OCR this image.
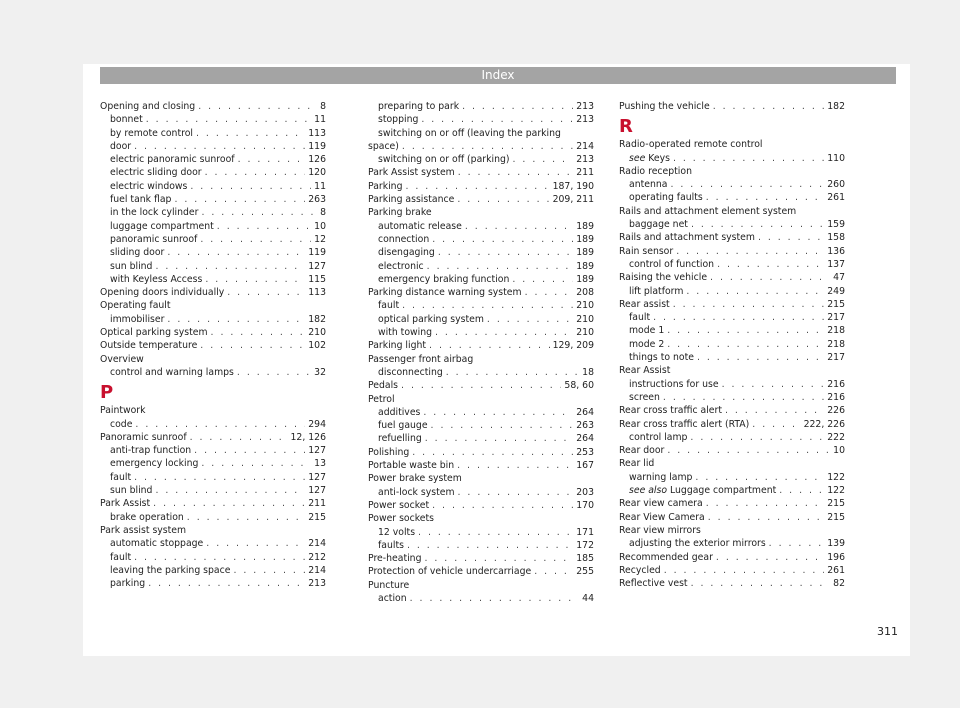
Index
Opening and closing . . .	8
bonnet . . .	11
by remote control . . .	113
door . . .	119
electric panoramic sunroof . . .	126
electric sliding door . . .	120
electric windows . . .	11
fuel tank flap . . .	263
in the lock cylinder . . .	8
luggage compartment . . .	10
panoramic sunroof . . .	12
sliding door . . .	119
sun blind . . .	127
with Keyless Access . . .	115
Opening doors individually . . .	113
Operating fault
immobiliser . . .	182
Optical parking system . . .	210
Outside temperature . . .	102
Overview
control and warning lamps . . .	32
P
Paintwork
code . . .	294
Panoramic sunroof . . .	12, 126
anti-trap function . . .	127
emergency locking . . .	13
fault . . .	127
sun blind . . .	127
Park Assist . . .	211
brake operation . . .	215
Park assist system
automatic stoppage . . .	214
fault . . .	212
leaving the parking space . . .	214
parking . . .	213
preparing to park . . .	213
stopping . . .	213
switching on or off (leaving the parking
space) . . .	214
switching on or off (parking) . . .	213
Park Assist system . . .	211
Parking . . .	187, 190
Parking assistance . . .	209, 211
Parking brake
automatic release . . .	189
connection . . .	189
disengaging . . .	189
electronic . . .	189
emergency braking function . . .	189
Parking distance warning system . . .	208
fault . . .	210
optical parking system . . .	210
with towing . . .	210
Parking light . . .	129, 209
Passenger front airbag
disconnecting . . .	18
Pedals . . .	58, 60
Petrol
additives . . .	264
fuel gauge . . .	263
refuelling . . .	264
Polishing . . .	253
Portable waste bin . . .	167
Power brake system
anti-lock system . . .	203
Power socket . . .	170
Power sockets
12 volts . . .	171
faults . . .	172
Pre-heating . . .	185
Protection of vehicle undercarriage . . .	255
Puncture
action . . .	44
Pushing the vehicle . . .	182
R
Radio-operated remote control
see Keys . . .	110
Radio reception
antenna . . .	260
operating faults . . .	261
Rails and attachment element system
baggage net . . .	159
Rails and attachment system . . .	158
Rain sensor . . .	136
control of function . . .	137
Raising the vehicle . . .	47
lift platform . . .	249
Rear assist . . .	215
fault . . .	217
mode 1 . . .	218
mode 2 . . .	218
things to note . . .	217
Rear Assist
instructions for use . . .	216
screen . . .	216
Rear cross traffic alert . . .	226
Rear cross traffic alert (RTA) . . .	222, 226
control lamp . . .	222
Rear door . . .	10
Rear lid
warning lamp . . .	122
see also Luggage compartment . . .	122
Rear view camera . . .	215
Rear View Camera . . .	215
Rear view mirrors
adjusting the exterior mirrors . . .	139
Recommended gear . . .	196
Recycled . . .	261
Reflective vest . . .	82
311
